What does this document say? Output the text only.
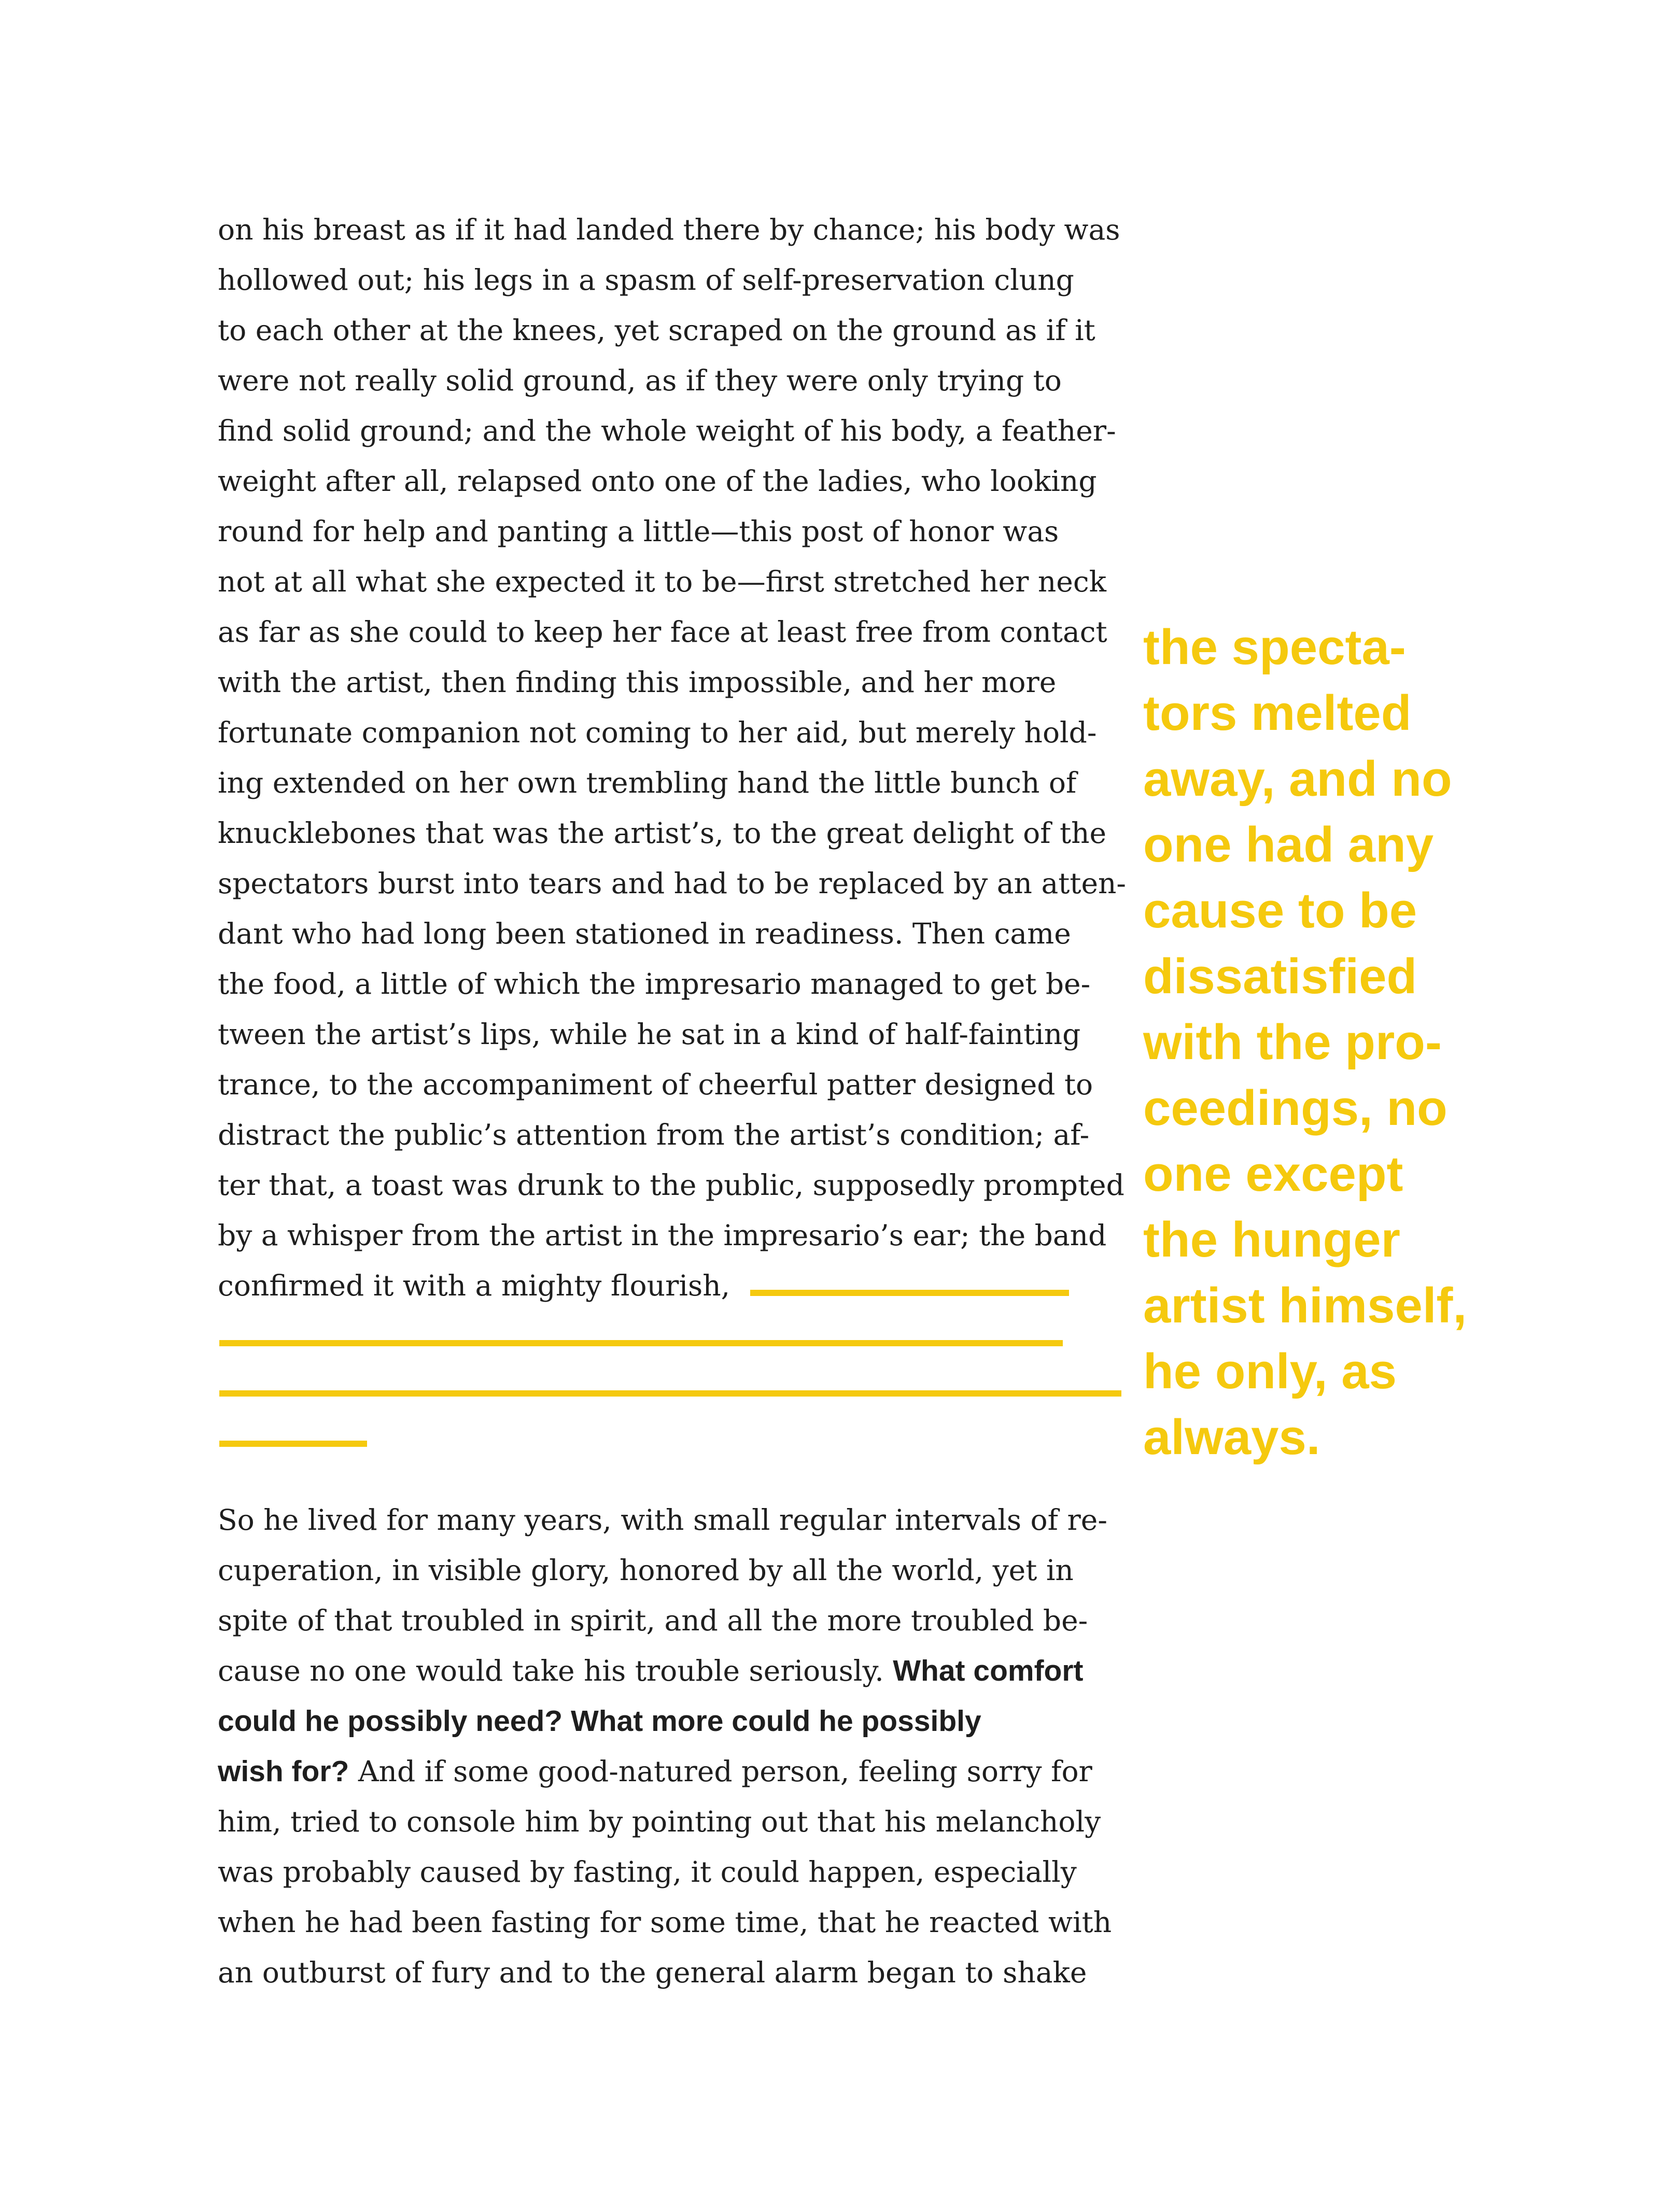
on his breast as if it had landed there by chance; his body was
hollowed out; his legs in a spasm of self-preservation clung
to each other at the knees, yet scraped on the ground as if it
were not really solid ground, as if they were only trying to
find solid ground; and the whole weight of his body, a feather-
weight after all, relapsed onto one of the ladies, who looking
round for help and panting a little—this post of honor was
not at all what she expected it to be—first stretched her neck
as far as she could to keep her face at least free from contact
with the artist, then finding this impossible, and her more
fortunate companion not coming to her aid, but merely hold-
ing extended on her own trembling hand the little bunch of
knucklebones that was the artist’s, to the great delight of the
spectators burst into tears and had to be replaced by an atten-
dant who had long been stationed in readiness. Then came
the food, a little of which the impresario managed to get be-
tween the artist’s lips, while he sat in a kind of half-fainting
trance, to the accompaniment of cheerful patter designed to
distract the public’s attention from the artist’s condition; af-
ter that, a toast was drunk to the public, supposedly prompted
by a whisper from the artist in the impresario’s ear; the band
confirmed it with a mighty flourish,
So he lived for many years, with small regular intervals of re-
cuperation, in visible glory, honored by all the world, yet in
spite of that troubled in spirit, and all the more troubled be-
cause no one would take his trouble seriously. What comfort
could he possibly need? What more could he possibly
wish for? And if some good-natured person, feeling sorry for
him, tried to console him by pointing out that his melancholy
was probably caused by fasting, it could happen, especially
when he had been fasting for some time, that he reacted with
an outburst of fury and to the general alarm began to shake
the specta-
tors melted
away, and no
one had any
cause to be
dissatisfied
with the pro-
ceedings, no
one except
the hunger
artist himself,
he only, as
always.
